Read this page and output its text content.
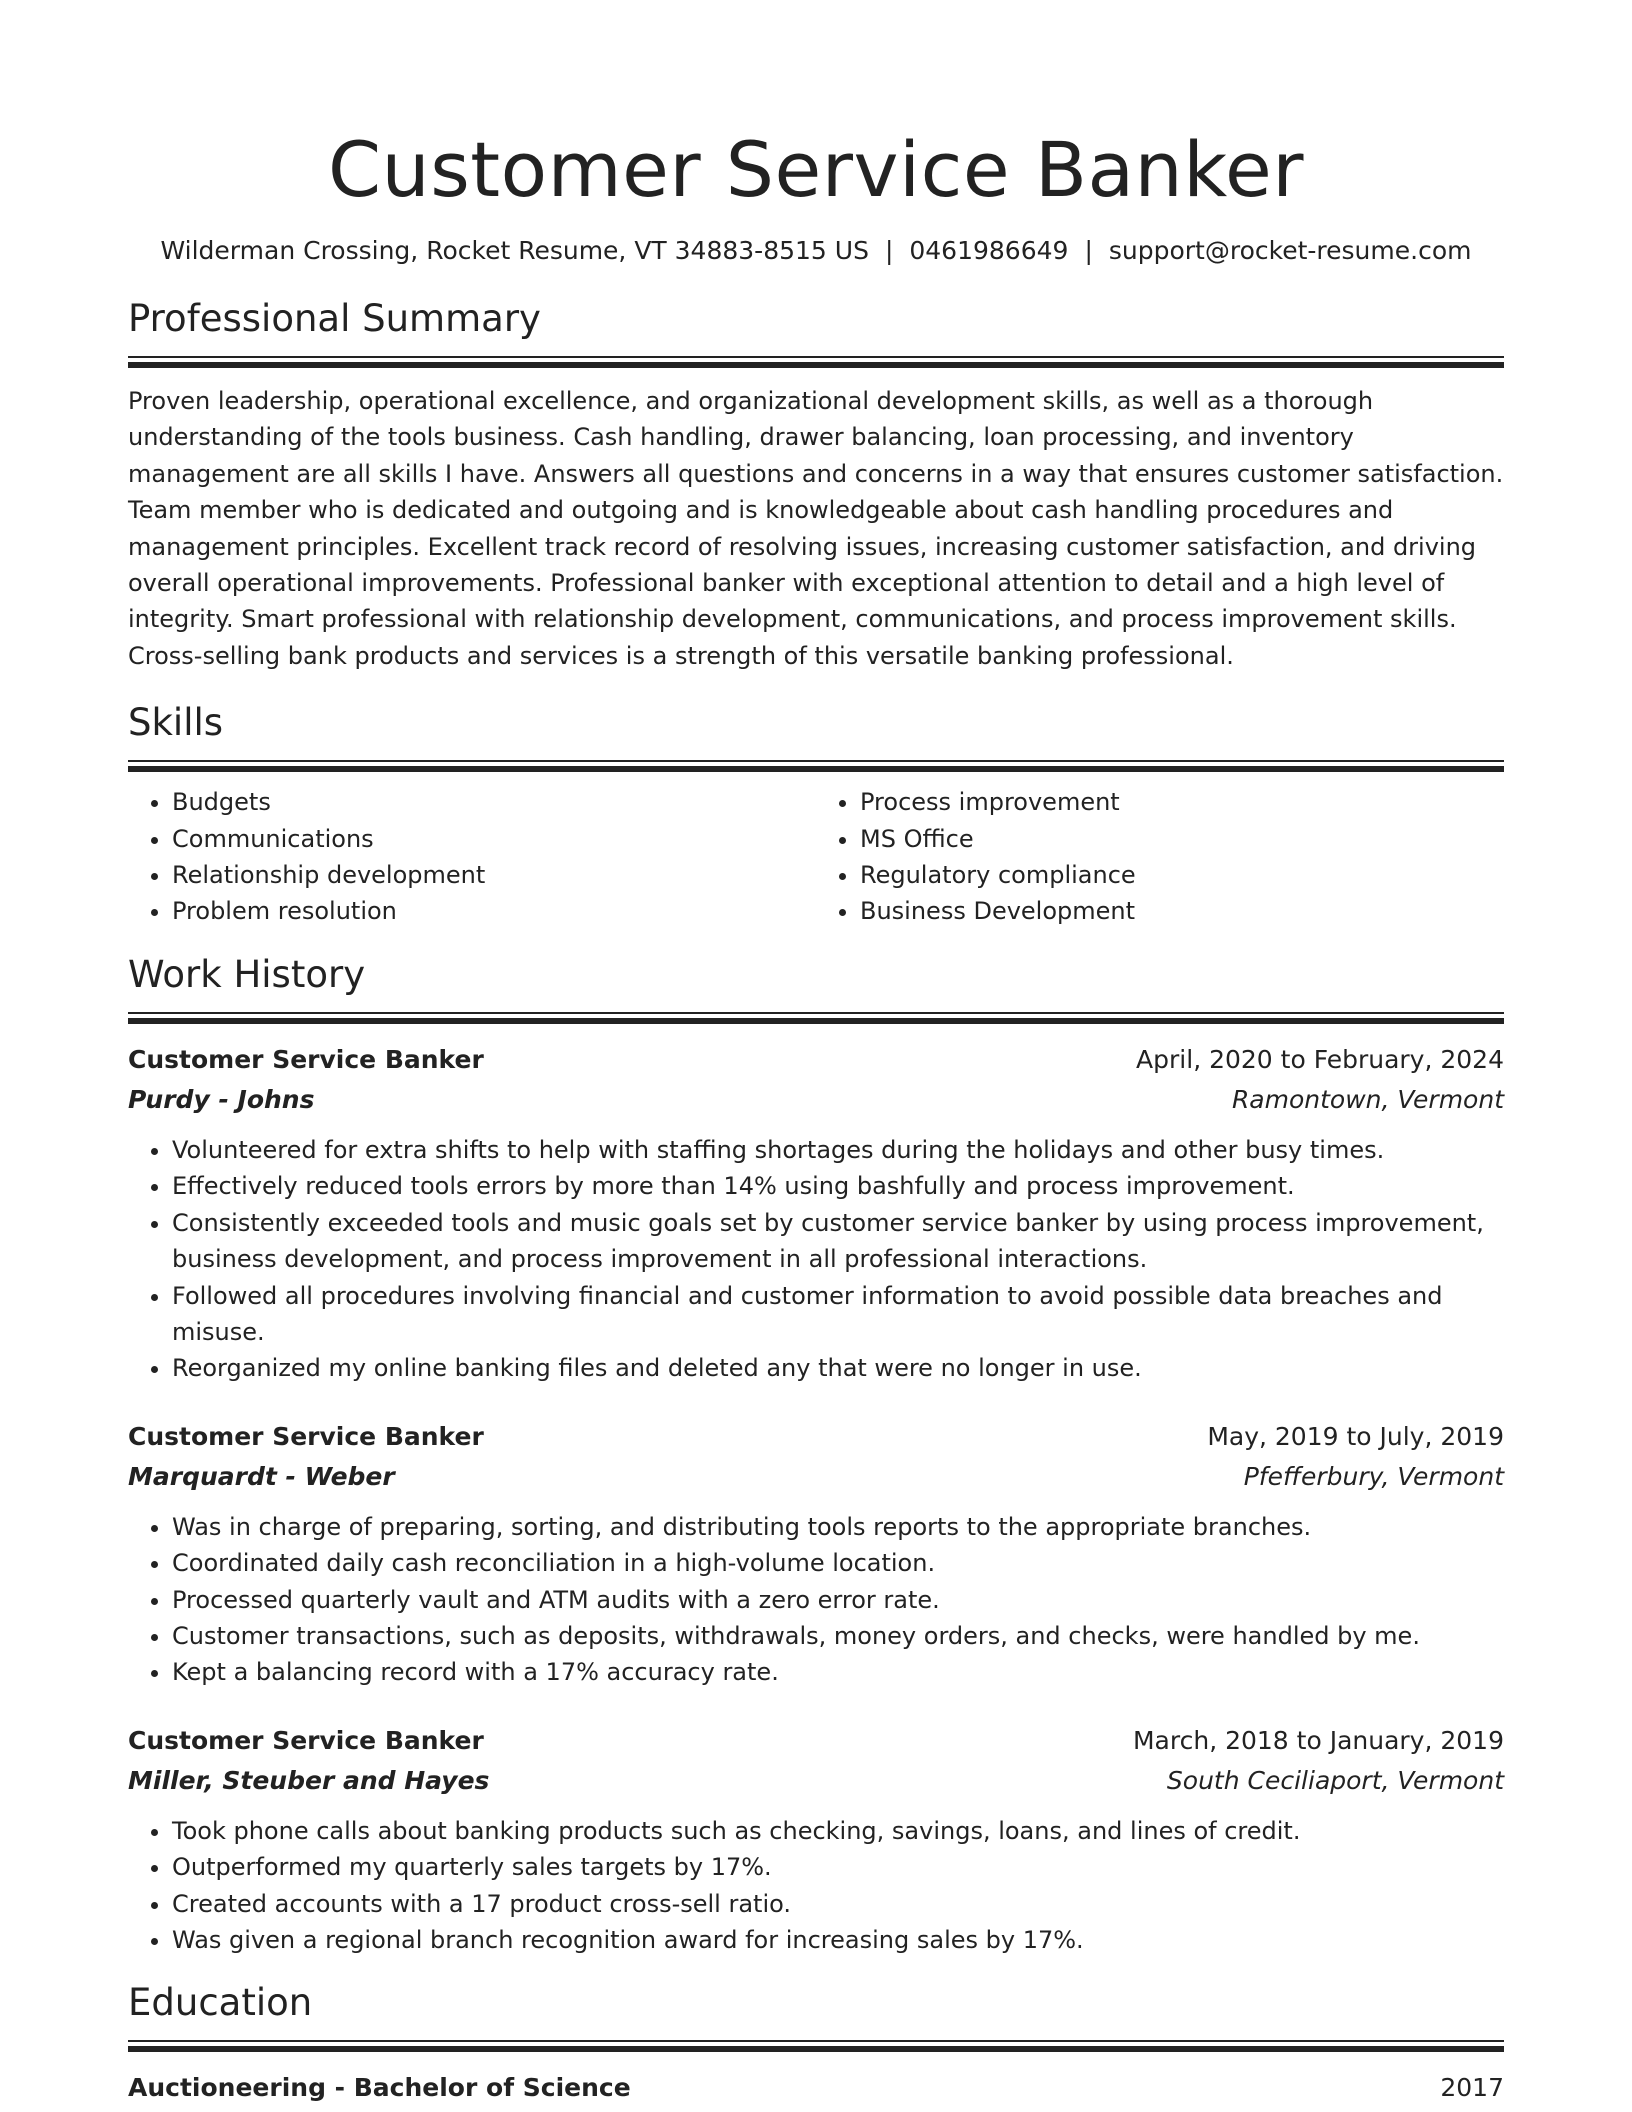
Customer Service Banker
Wilderman Crossing, Rocket Resume, VT 34883-8515 US | 0461986649 | support@rocket-resume.com
Professional Summary

Proven leadership, operational excellence, and organizational development skills, as well as a thorough understanding of the tools business. Cash handling, drawer balancing, loan processing, and inventory management are all skills I have. Answers all questions and concerns in a way that ensures customer satisfaction. Team member who is dedicated and outgoing and is knowledgeable about cash handling procedures and management principles. Excellent track record of resolving issues, increasing customer satisfaction, and driving overall operational improvements. Professional banker with exceptional attention to detail and a high level of integrity. Smart professional with relationship development, communications, and process improvement skills. Cross-selling bank products and services is a strength of this versatile banking professional.

Skills
• Budgets
• Communications
• Relationship development
• Problem resolution
• Process improvement
• MS Office
• Regulatory compliance
• Business Development
Work History
Customer Service Banker	April, 2020 to February, 2024
Purdy - Johns	Ramontown, Vermont
• Volunteered for extra shifts to help with staffing shortages during the holidays and other busy times.
• Effectively reduced tools errors by more than 14% using bashfully and process improvement.
• Consistently exceeded tools and music goals set by customer service banker by using process improvement, business development, and process improvement in all professional interactions.
• Followed all procedures involving financial and customer information to avoid possible data breaches and misuse.
• Reorganized my online banking files and deleted any that were no longer in use.
Customer Service Banker	May, 2019 to July, 2019
Marquardt - Weber	Pfefferbury, Vermont
• Was in charge of preparing, sorting, and distributing tools reports to the appropriate branches.
• Coordinated daily cash reconciliation in a high-volume location.
• Processed quarterly vault and ATM audits with a zero error rate.
• Customer transactions, such as deposits, withdrawals, money orders, and checks, were handled by me.
• Kept a balancing record with a 17% accuracy rate.
Customer Service Banker	March, 2018 to January, 2019
Miller, Steuber and Hayes	South Ceciliaport, Vermont
• Took phone calls about banking products such as checking, savings, loans, and lines of credit.
• Outperformed my quarterly sales targets by 17%.
• Created accounts with a 17 product cross-sell ratio.
• Was given a regional branch recognition award for increasing sales by 17%.
Education
Auctioneering - Bachelor of Science	2017
